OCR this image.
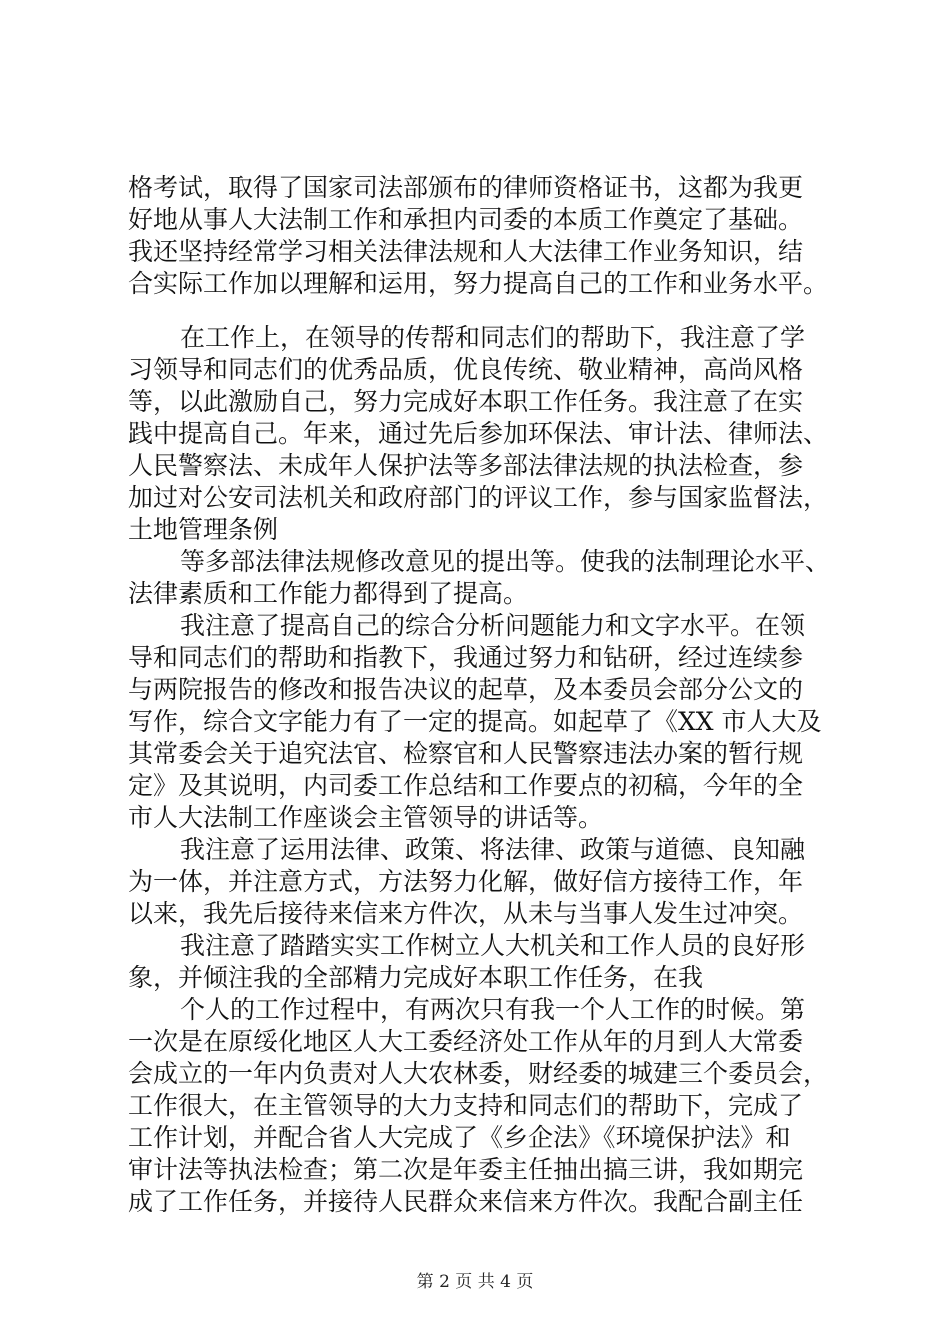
格考试，取得了国家司法部颁布的律师资格证书，这都为我更
好地从事人大法制工作和承担内司委的本质工作奠定了基础。
我还坚持经常学习相关法律法规和人大法律工作业务知识，结
合实际工作加以理解和运用，努力提高自己的工作和业务水平。
在工作上，在领导的传帮和同志们的帮助下，我注意了学
习领导和同志们的优秀品质，优良传统、敬业精神，高尚风格
等，以此激励自己，努力完成好本职工作任务。我注意了在实
践中提高自己。年来，通过先后参加环保法、审计法、律师法、
人民警察法、未成年人保护法等多部法律法规的执法检查，参
加过对公安司法机关和政府部门的评议工作，参与国家监督法，
土地管理条例
等多部法律法规修改意见的提出等。使我的法制理论水平、
法律素质和工作能力都得到了提高。
我注意了提高自己的综合分析问题能力和文字水平。在领
导和同志们的帮助和指教下，我通过努力和钻研，经过连续参
与两院报告的修改和报告决议的起草，及本委员会部分公文的
写作，综合文字能力有了一定的提高。如起草了《XX 市人大及
其常委会关于追究法官、检察官和人民警察违法办案的暂行规
定》及其说明，内司委工作总结和工作要点的初稿，今年的全
市人大法制工作座谈会主管领导的讲话等。
我注意了运用法律、政策、将法律、政策与道德、良知融
为一体，并注意方式，方法努力化解，做好信方接待工作，年
以来，我先后接待来信来方件次，从未与当事人发生过冲突。
我注意了踏踏实实工作树立人大机关和工作人员的良好形
象，并倾注我的全部精力完成好本职工作任务，在我
个人的工作过程中，有两次只有我一个人工作的时候。第
一次是在原绥化地区人大工委经济处工作从年的月到人大常委
会成立的一年内负责对人大农林委，财经委的城建三个委员会，
工作很大，在主管领导的大力支持和同志们的帮助下，完成了
工作计划，并配合省人大完成了《乡企法》《环境保护法》和
审计法等执法检查；第二次是年委主任抽出搞三讲，我如期完
成了工作任务，并接待人民群众来信来方件次。我配合副主任
第 2 页 共 4 页
